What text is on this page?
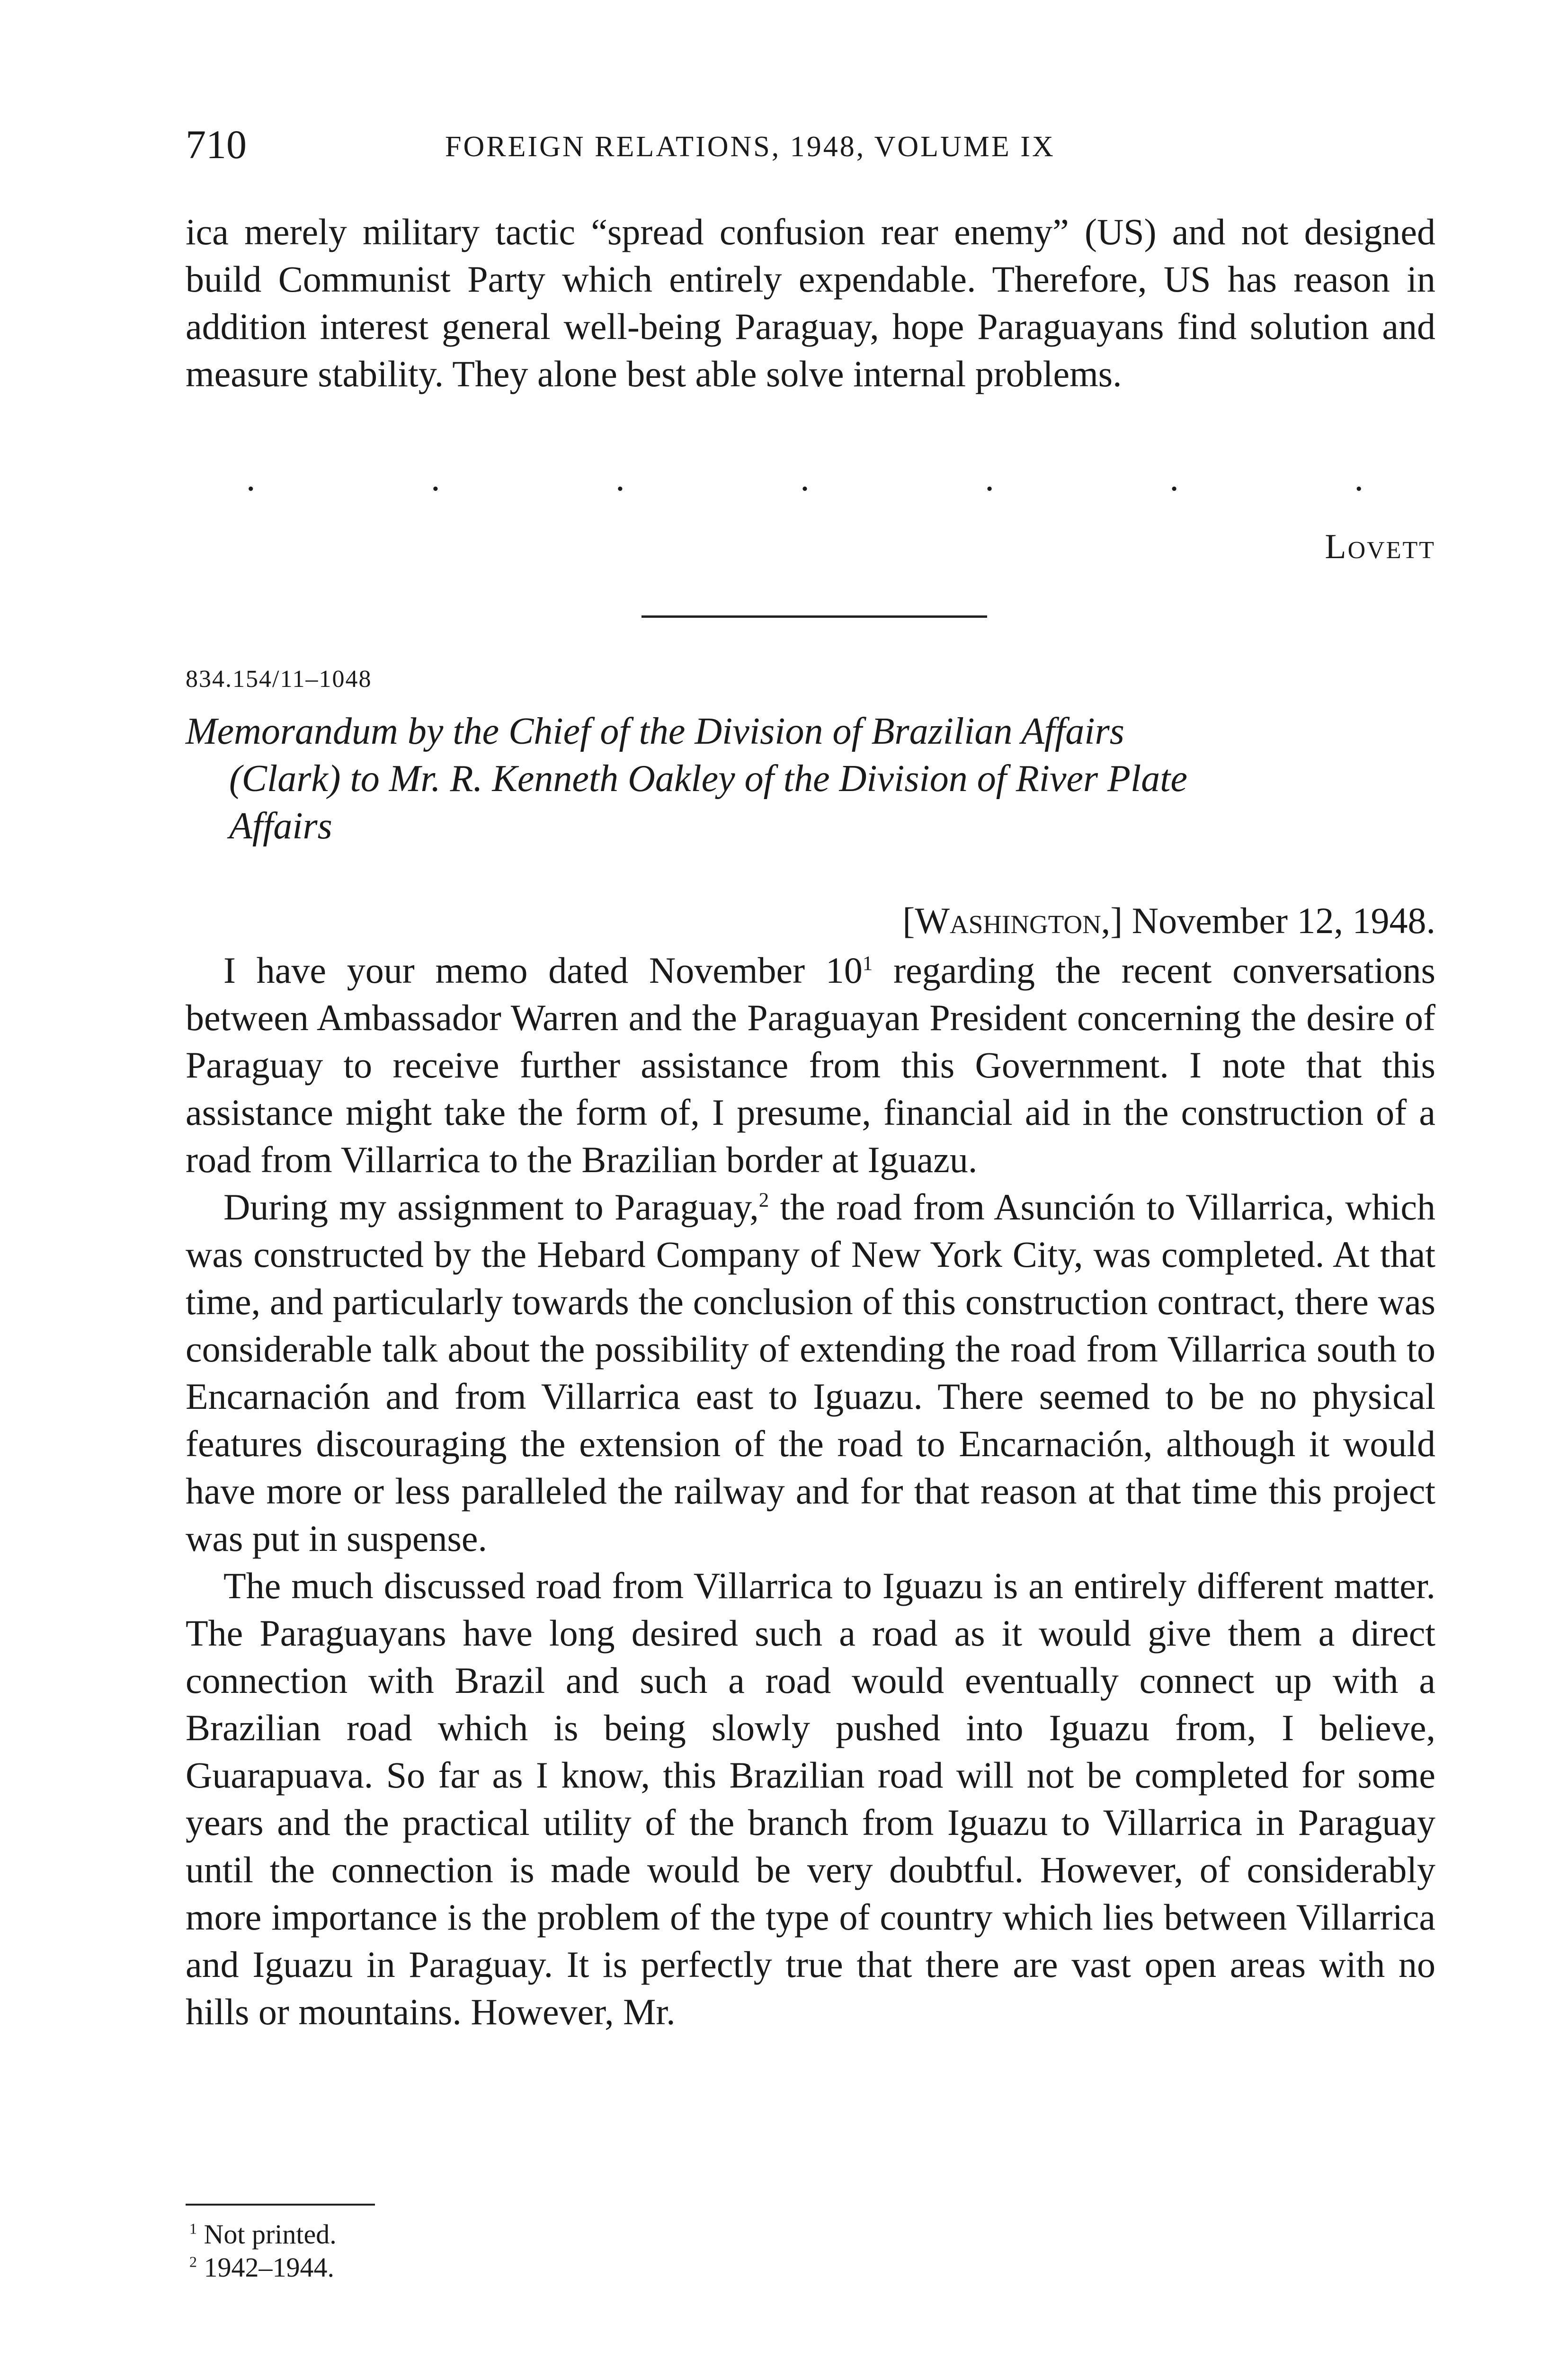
710	FOREIGN RELATIONS, 1948, VOLUME IX

ica merely military tactic “spread confusion rear enemy” (US) and not designed build Communist Party which entirely expendable. Therefore, US has reason in addition interest general well-being Paraguay, hope Paraguayans find solution and measure stability. They alone best able solve internal problems.

.	.	.	.	.	.	.
Lovett
834.154/11–1048
Memorandum by the Chief of the Division of Brazilian Affairs
(Clark) to Mr. R. Kenneth Oakley of the Division of River Plate
Affairs
[Washington,] November 12, 1948.

I have your memo dated November $10^1$ regarding the recent conversations between Ambassador Warren and the Paraguayan President concerning the desire of Paraguay to receive further assistance from this Government. I note that this assistance might take the form of, I presume, financial aid in the construction of a road from Villarrica to the Brazilian border at Iguazu.

During my assignment to Paraguay,$^2$ the road from Asunción to Villarrica, which was constructed by the Hebard Company of New York City, was completed. At that time, and particularly towards the conclusion of this construction contract, there was considerable talk about the possibility of extending the road from Villarrica south to Encarnación and from Villarrica east to Iguazu. There seemed to be no physical features discouraging the extension of the road to Encarnación, although it would have more or less paralleled the railway and for that reason at that time this project was put in suspense.

The much discussed road from Villarrica to Iguazu is an entirely different matter. The Paraguayans have long desired such a road as it would give them a direct connection with Brazil and such a road would eventually connect up with a Brazilian road which is being slowly pushed into Iguazu from, I believe, Guarapuava. So far as I know, this Brazilian road will not be completed for some years and the practical utility of the branch from Iguazu to Villarrica in Paraguay until the connection is made would be very doubtful. However, of considerably more importance is the problem of the type of country which lies between Villarrica and Iguazu in Paraguay. It is perfectly true that there are vast open areas with no hills or mountains. However, Mr.

$^1$ Not printed.
$^2$ 1942–1944.
